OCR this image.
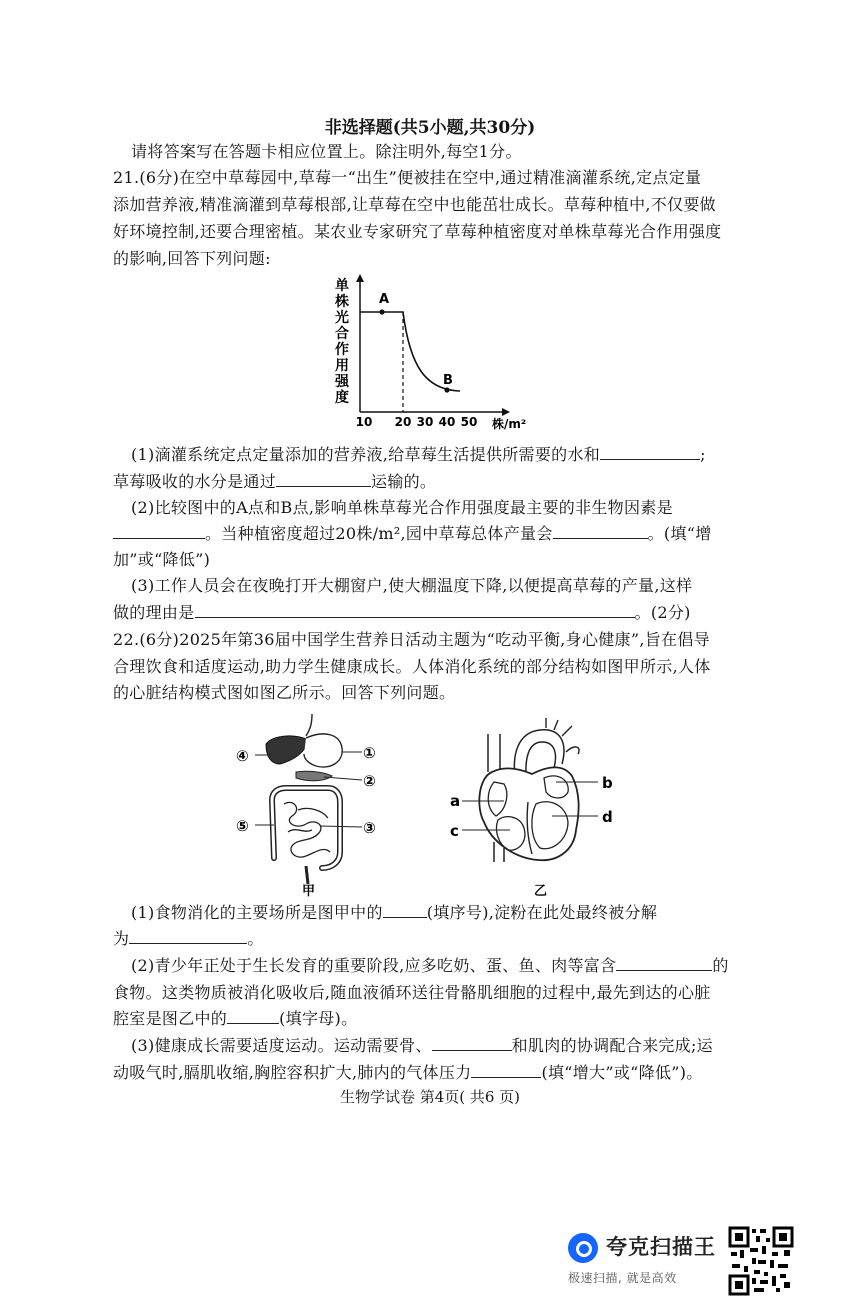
非选择题(共5小题,共30分)
请将答案写在答题卡相应位置上。除注明外,每空1分。
21.(6分)在空中草莓园中,草莓一“出生”便被挂在空中,通过精准滴灌系统,定点定量
添加营养液,精准滴灌到草莓根部,让草莓在空中也能茁壮成长。草莓种植中,不仅要做
好环境控制,还要合理密植。某农业专家研究了草莓种植密度对单株草莓光合作用强度
的影响,回答下列问题:
单
株
光
合
作
用
强
度
A
B
10 20 30 40 50 株/m²
(1)滴灌系统定点定量添加的营养液,给草莓生活提供所需要的水和	;
草莓吸收的水分是通过	运输的。
(2)比较图中的A点和B点,影响单株草莓光合作用强度最主要的非生物因素是
。当种植密度超过20株/m²,园中草莓总体产量会	。(填“增
加”或“降低”)
(3)工作人员会在夜晚打开大棚窗户,使大棚温度下降,以便提高草莓的产量,这样
做的理由是	。(2分)
22.(6分)2025年第36届中国学生营养日活动主题为“吃动平衡,身心健康”,旨在倡导
合理饮食和适度运动,助力学生健康成长。人体消化系统的部分结构如图甲所示,人体
的心脏结构模式图如图乙所示。回答下列问题。
①
②
③
④
⑤
甲
a
b
c
d
乙
(1)食物消化的主要场所是图甲中的	(填序号),淀粉在此处最终被分解
为	。
(2)青少年正处于生长发育的重要阶段,应多吃奶、蛋、鱼、肉等富含	的
食物。这类物质被消化吸收后,随血液循环送往骨骼肌细胞的过程中,最先到达的心脏
腔室是图乙中的	(填字母)。
(3)健康成长需要适度运动。运动需要骨、	和肌肉的协调配合来完成;运
动吸气时,膈肌收缩,胸腔容积扩大,肺内的气体压力	(填“增大”或“降低”)。
生物学试卷 第4页( 共6 页)
夸克扫描王
极速扫描, 就是高效
